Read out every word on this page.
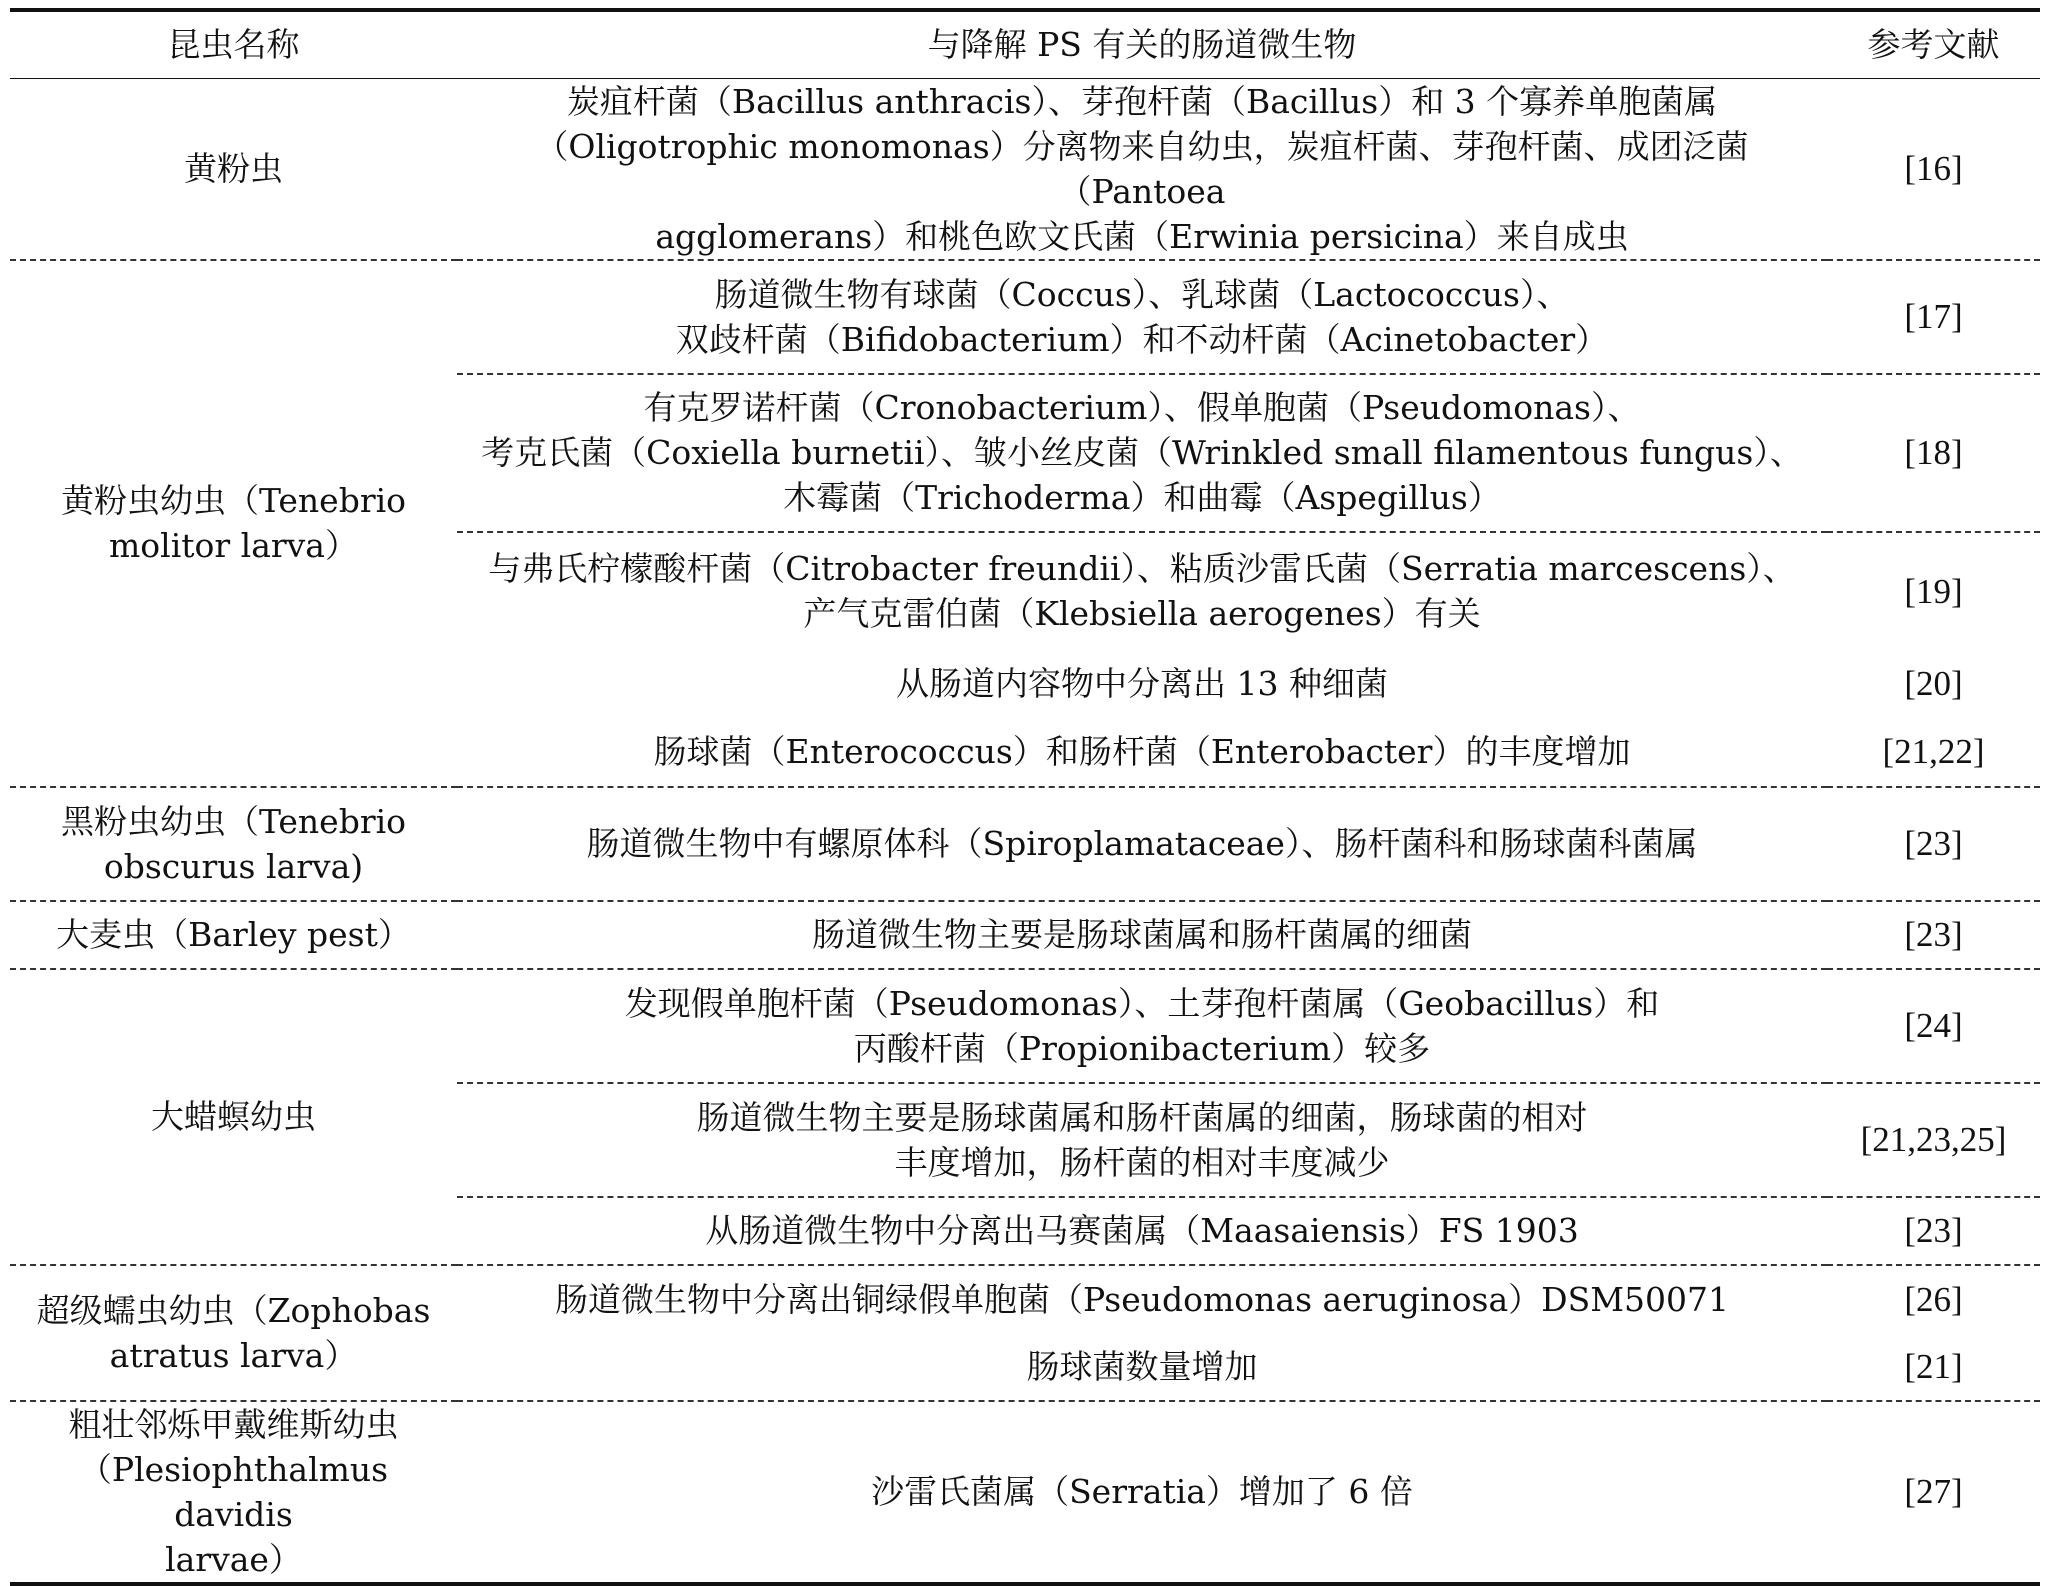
昆虫名称	与降解 PS 有关的肠道微生物	参考文献

黄粉虫	炭疽杆菌（Bacillus anthracis）、芽孢杆菌（Bacillus）和 3 个寡养单胞菌属
（Oligotrophic monomonas）分离物来自幼虫，炭疽杆菌、芽孢杆菌、成团泛菌（Pantoea
agglomerans）和桃色欧文氏菌（Erwinia persicina）来自成虫	[16]

黄粉虫幼虫（Tenebrio
molitor larva）	肠道微生物有球菌（Coccus）、乳球菌（Lactococcus）、
双歧杆菌（Bifidobacterium）和不动杆菌（Acinetobacter）	[17]

	有克罗诺杆菌（Cronobacterium）、假单胞菌（Pseudomonas）、
考克氏菌（Coxiella burnetii）、皱小丝皮菌（Wrinkled small filamentous fungus）、
木霉菌（Trichoderma）和曲霉（Aspegillus）	[18]

	与弗氏柠檬酸杆菌（Citrobacter freundii）、粘质沙雷氏菌（Serratia marcescens）、
产气克雷伯菌（Klebsiella aerogenes）有关	[19]

	从肠道内容物中分离出 13 种细菌	[20]

	肠球菌（Enterococcus）和肠杆菌（Enterobacter）的丰度增加	[21,22]

黑粉虫幼虫（Tenebrio
obscurus larva)	肠道微生物中有螺原体科（Spiroplamataceae）、肠杆菌科和肠球菌科菌属	[23]

大麦虫（Barley pest）	肠道微生物主要是肠球菌属和肠杆菌属的细菌	[23]

大蜡螟幼虫	发现假单胞杆菌（Pseudomonas）、土芽孢杆菌属（Geobacillus）和
丙酸杆菌（Propionibacterium）较多	[24]

	肠道微生物主要是肠球菌属和肠杆菌属的细菌，肠球菌的相对
丰度增加，肠杆菌的相对丰度减少	[21,23,25]

	从肠道微生物中分离出马赛菌属（Maasaiensis）FS 1903	[23]

超级蠕虫幼虫（Zophobas
atratus larva）	肠道微生物中分离出铜绿假单胞菌（Pseudomonas aeruginosa）DSM50071	[26]

	肠球菌数量增加	[21]

粗壮邻烁甲戴维斯幼虫
（Plesiophthalmus davidis
larvae）	沙雷氏菌属（Serratia）增加了 6 倍	[27]
